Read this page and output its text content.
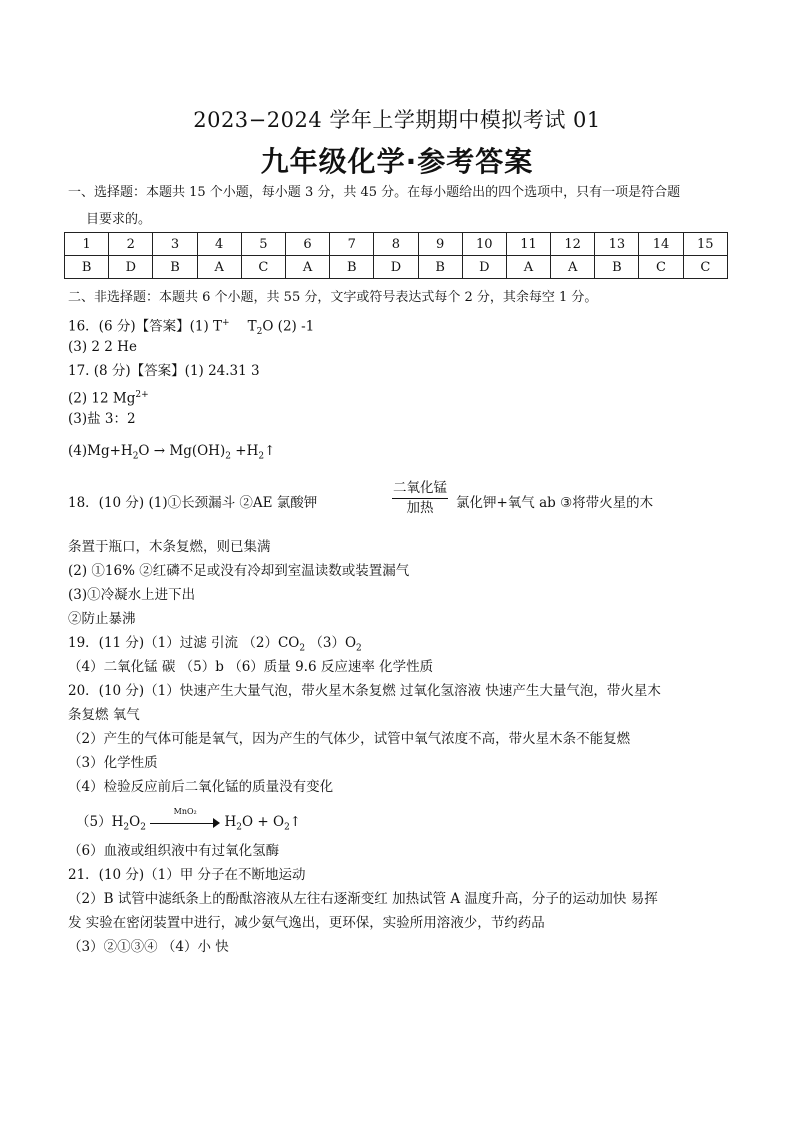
2023−2024 学年上学期期中模拟考试 01
九年级化学·参考答案
一、选择题：本题共 15 个小题，每小题 3 分，共 45 分。在每小题给出的四个选项中，只有一项是符合题
目要求的。
1	2	3	4	5	6	7	8	9	10	11	12	13	14	15
B	D	B	A	C	A	B	D	B	D	A	A	B	C	C
二、非选择题：本题共 6 个小题，共 55 分，文字或符号表达式每个 2 分，其余每空 1 分。
16．(6 分)【答案】(1) T+ $T_2O$ (2) -1
(3) 2 2 He
17. (8 分)【答案】(1) 24.31 3
(2) 12 $Mg^{2+}$
(3)盐 3：2
$(4)Mg+H_2O \to Mg(OH)_2$ $+H_2↑$
18．(10 分) (1)①长颈漏斗 ②AE 氯酸钾
二氧化锰
加热	氯化钾+氧气 ab ③将带火星的木
条置于瓶口，木条复燃，则已集满
(2) ①16% ②红磷不足或没有冷却到室温读数或装置漏气
(3)①冷凝水上进下出
②防止暴沸
19．(11 分)（1）过滤 引流 $(2)CO_2$ $(3)O_2$
（4）二氧化锰 碳 （5）b （6）质量 9.6 反应速率 化学性质
20．(10 分)（1）快速产生大量气泡，带火星木条复燃 过氧化氢溶液 快速产生大量气泡，带火星木
条复燃 氧气
（2）产生的气体可能是氧气，因为产生的气体少，试管中氧气浓度不高，带火星木条不能复燃
（3）化学性质
（4）检验反应前后二氧化锰的质量没有变化
$(5)H_2O_2$
MnO₂
$H_2O$ + $O_2↑$
（6）血液或组织液中有过氧化氢酶
21．(10 分)（1）甲 分子在不断地运动
（2）B 试管中滤纸条上的酚酞溶液从左往右逐渐变红 加热试管 A 温度升高，分子的运动加快 易挥
发 实验在密闭装置中进行，减少氨气逸出，更环保，实验所用溶液少，节约药品
（3）②①③④ （4）小 快
